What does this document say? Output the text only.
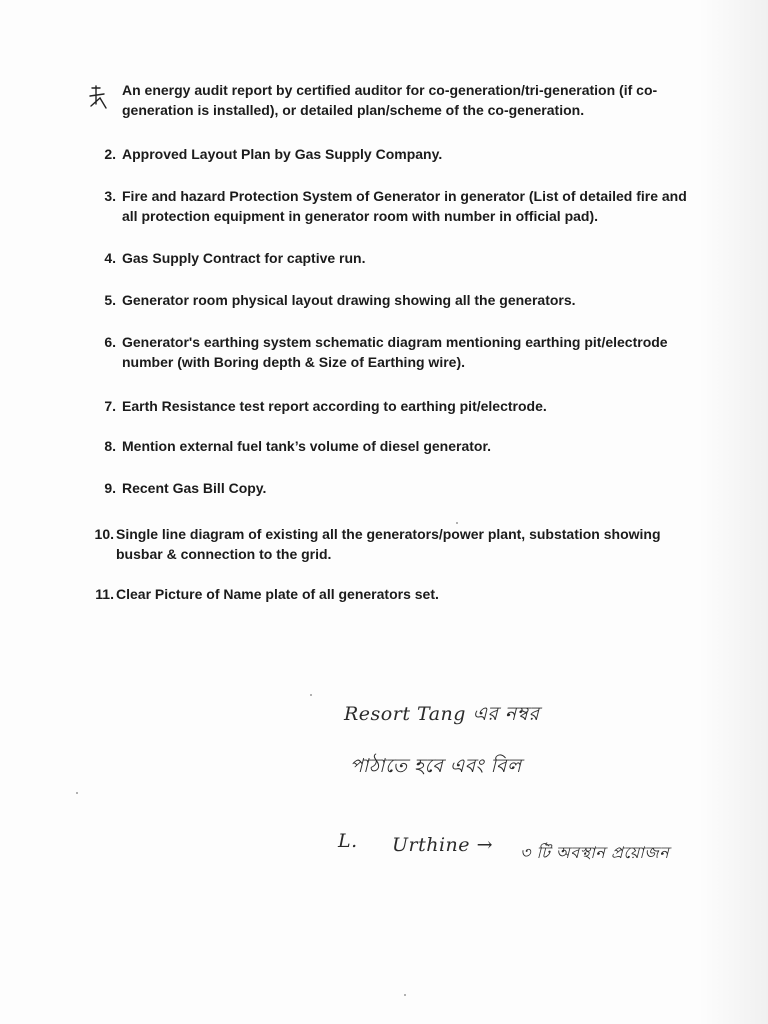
An energy audit report by certified auditor for co-generation/tri-generation (if co-generation is installed), or detailed plan/scheme of the co-generation.
2. Approved Layout Plan by Gas Supply Company.
3. Fire and hazard Protection System of Generator in generator (List of detailed fire and all protection equipment in generator room with number in official pad).
4. Gas Supply Contract for captive run.
5. Generator room physical layout drawing showing all the generators.
6. Generator's earthing system schematic diagram mentioning earthing pit/electrode number (with Boring depth & Size of Earthing wire).
7. Earth Resistance test report according to earthing pit/electrode.
8. Mention external fuel tank’s volume of diesel generator.
9. Recent Gas Bill Copy.
10. Single line diagram of existing all the generators/power plant, substation showing busbar & connection to the grid.
11. Clear Picture of Name plate of all generators set.
Resort Tang এর নম্বর
পাঠাতে হবে এবং বিল
L. Urthine → ৩ টি অবস্থান প্রয়োজন
